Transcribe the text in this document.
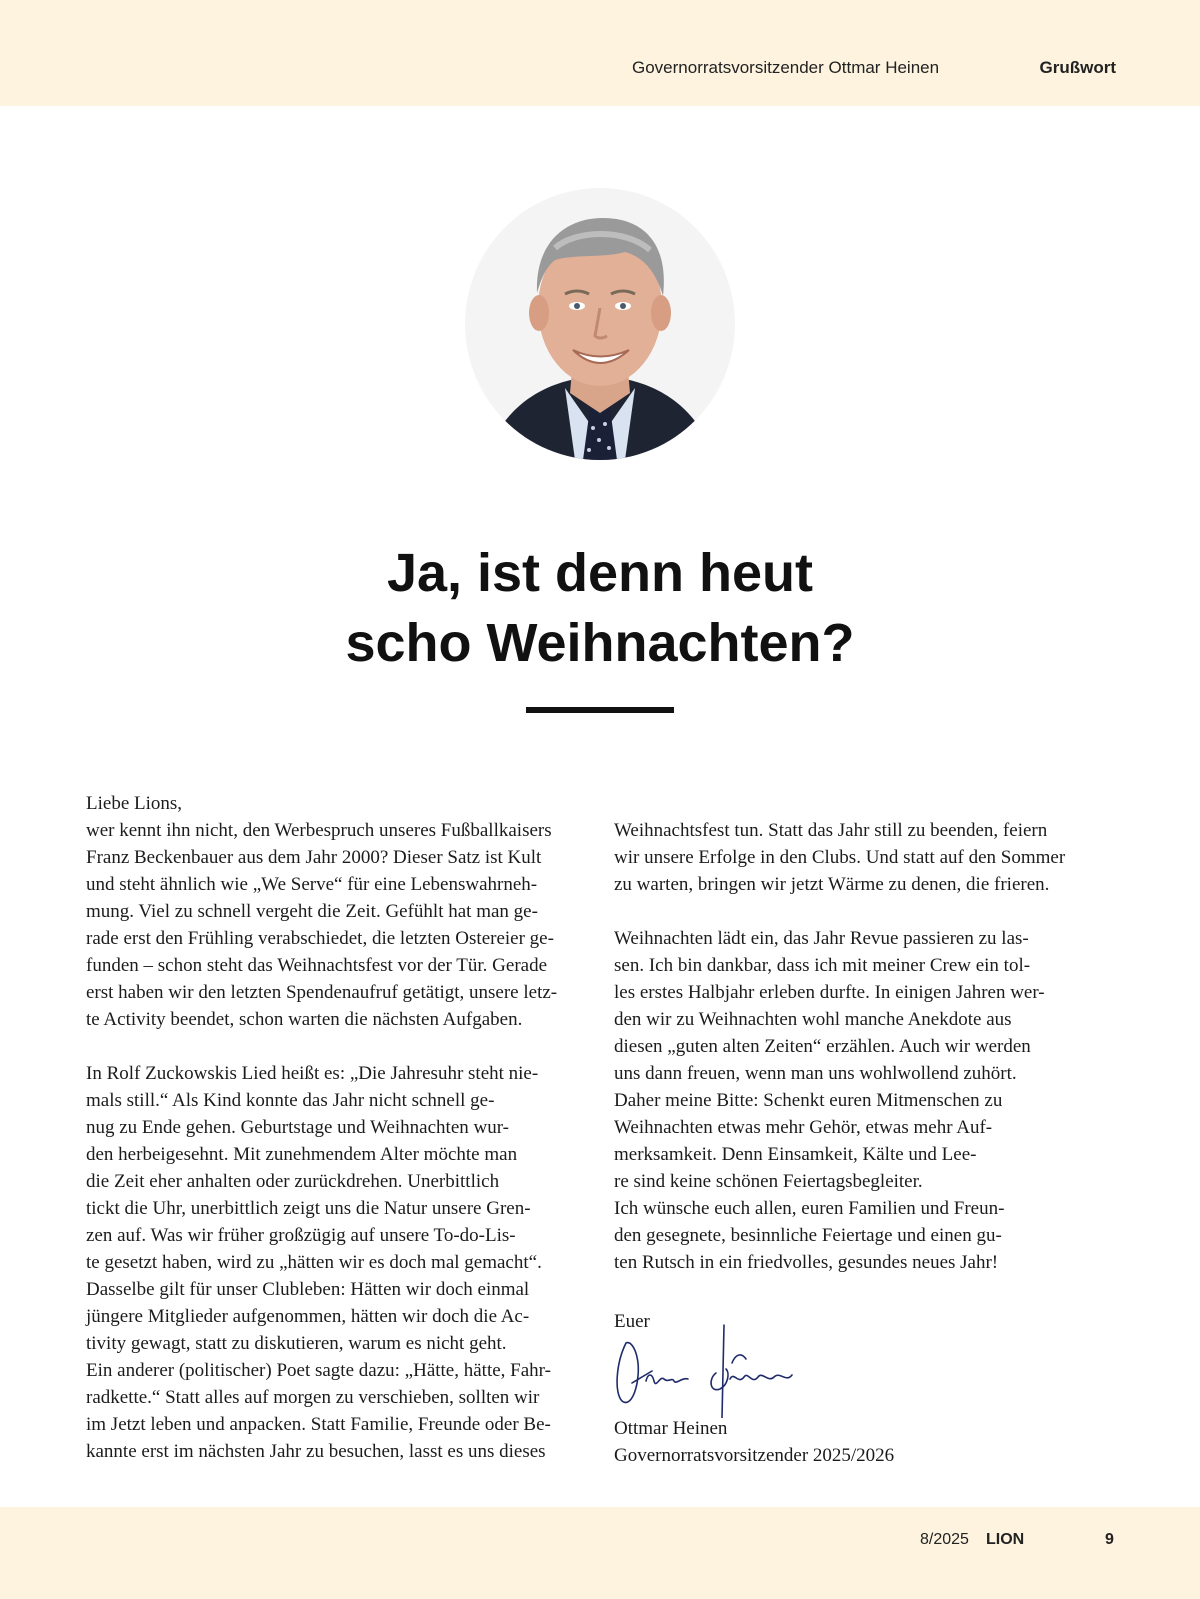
Governorratsvorsitzender Ottmar Heinen	Grußwort
Ja, ist denn heut
scho Weihnachten?
Liebe Lions,
wer kennt ihn nicht, den Werbespruch unseres Fußballkaisers
Franz Beckenbauer aus dem Jahr 2000? Dieser Satz ist Kult
und steht ähnlich wie „We Serve“ für eine Lebenswahrneh-
mung. Viel zu schnell vergeht die Zeit. Gefühlt hat man ge-
rade erst den Frühling verabschiedet, die letzten Ostereier ge-
funden – schon steht das Weihnachtsfest vor der Tür. Gerade
erst haben wir den letzten Spendenaufruf getätigt, unsere letz-
te Activity beendet, schon warten die nächsten Aufgaben.
In Rolf Zuckowskis Lied heißt es: „Die Jahresuhr steht nie-
mals still.“ Als Kind konnte das Jahr nicht schnell ge-
nug zu Ende gehen. Geburtstage und Weihnachten wur-
den herbeigesehnt. Mit zunehmendem Alter möchte man
die Zeit eher anhalten oder zurückdrehen. Unerbittlich
tickt die Uhr, unerbittlich zeigt uns die Natur unsere Gren-
zen auf. Was wir früher großzügig auf unsere To-do-Lis-
te gesetzt haben, wird zu „hätten wir es doch mal gemacht“.
Dasselbe gilt für unser Clubleben: Hätten wir doch einmal
jüngere Mitglieder aufgenommen, hätten wir doch die Ac-
tivity gewagt, statt zu diskutieren, warum es nicht geht.
Ein anderer (politischer) Poet sagte dazu: „Hätte, hätte, Fahr-
radkette.“ Statt alles auf morgen zu verschieben, sollten wir
im Jetzt leben und anpacken. Statt Familie, Freunde oder Be-
kannte erst im nächsten Jahr zu besuchen, lasst es uns dieses
Weihnachtsfest tun. Statt das Jahr still zu beenden, feiern
wir unsere Erfolge in den Clubs. Und statt auf den Sommer
zu warten, bringen wir jetzt Wärme zu denen, die frieren.
Weihnachten lädt ein, das Jahr Revue passieren zu las-
sen. Ich bin dankbar, dass ich mit meiner Crew ein tol-
les erstes Halbjahr erleben durfte. In einigen Jahren wer-
den wir zu Weihnachten wohl manche Anekdote aus
diesen „guten alten Zeiten“ erzählen. Auch wir werden
uns dann freuen, wenn man uns wohlwollend zuhört.
Daher meine Bitte: Schenkt euren Mitmenschen zu
Weihnachten etwas mehr Gehör, etwas mehr Auf-
merksamkeit. Denn Einsamkeit, Kälte und Lee-
re sind keine schönen Feiertagsbegleiter.
Ich wünsche euch allen, euren Familien und Freun-
den gesegnete, besinnliche Feiertage und einen gu-
ten Rutsch in ein friedvolles, gesundes neues Jahr!
Euer
Ottmar Heinen
Governorratsvorsitzender 2025/2026
8/2025 LION	9
